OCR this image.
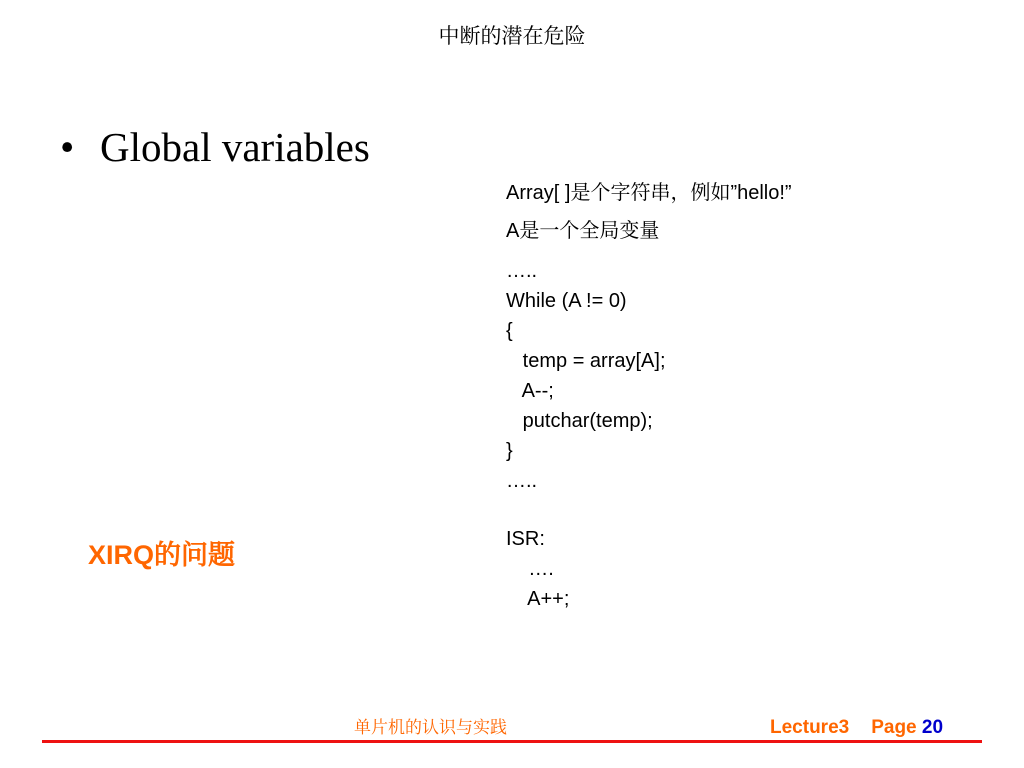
中断的潜在危险
• Global variables
Array[ ]是个字符串，例如”hello!”
A是一个全局变量
…..
While (A != 0)
{
temp = array[A];
A--;
putchar(temp);
}
…..
ISR:
….
A++;
XIRQ的问题
单片机的认识与实践	Lecture3 Page 20
